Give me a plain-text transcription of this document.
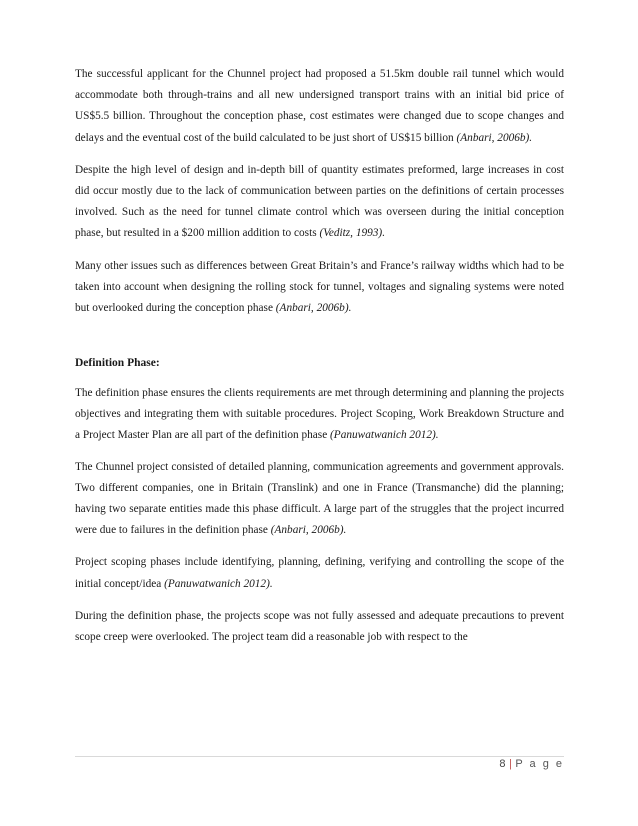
The successful applicant for the Chunnel project had proposed a 51.5km double rail tunnel which would accommodate both through-trains and all new undersigned transport trains with an initial bid price of US$5.5 billion. Throughout the conception phase, cost estimates were changed due to scope changes and delays and the eventual cost of the build calculated to be just short of US$15 billion (Anbari, 2006b).

Despite the high level of design and in-depth bill of quantity estimates preformed, large increases in cost did occur mostly due to the lack of communication between parties on the definitions of certain processes involved. Such as the need for tunnel climate control which was overseen during the initial conception phase, but resulted in a $200 million addition to costs (Veditz, 1993).

Many other issues such as differences between Great Britain’s and France’s railway widths which had to be taken into account when designing the rolling stock for tunnel, voltages and signaling systems were noted but overlooked during the conception phase (Anbari, 2006b).

Definition Phase:

The definition phase ensures the clients requirements are met through determining and planning the projects objectives and integrating them with suitable procedures. Project Scoping, Work Breakdown Structure and a Project Master Plan are all part of the definition phase (Panuwatwanich 2012).

The Chunnel project consisted of detailed planning, communication agreements and government approvals. Two different companies, one in Britain (Translink) and one in France (Transmanche) did the planning; having two separate entities made this phase difficult. A large part of the struggles that the project incurred were due to failures in the definition phase (Anbari, 2006b).

Project scoping phases include identifying, planning, defining, verifying and controlling the scope of the initial concept/idea (Panuwatwanich 2012).

During the definition phase, the projects scope was not fully assessed and adequate precautions to prevent scope creep were overlooked. The project team did a reasonable job with respect to the

8 | P a g e
